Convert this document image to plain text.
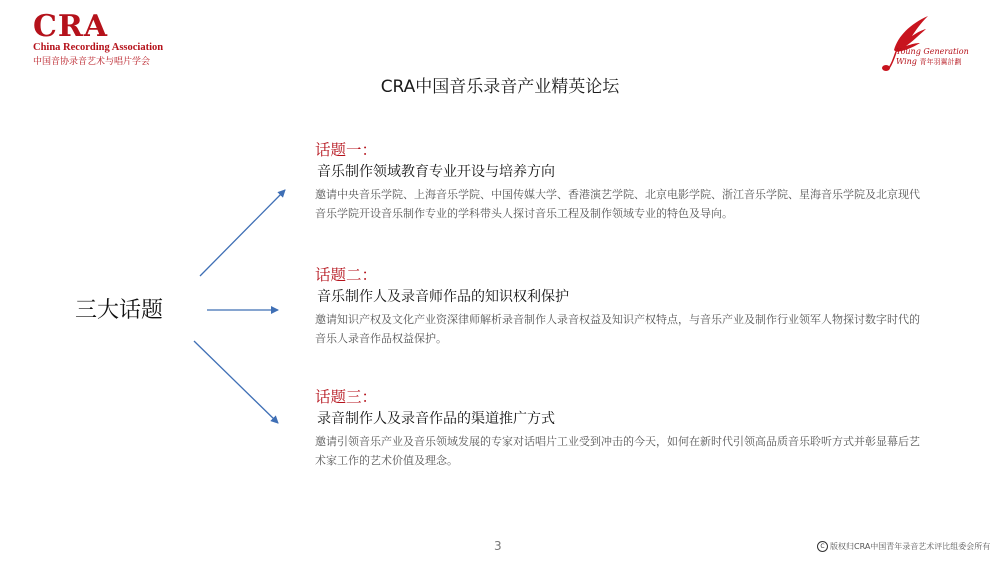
CRA
China Recording Association
中国音协录音艺术与唱片学会
Young Generation
Wing 青年羽翼計劃
CRA中国音乐录音产业精英论坛
三大话题
话题一：
音乐制作领域教育专业开设与培养方向
邀请中央音乐学院、上海音乐学院、中国传媒大学、香港演艺学院、北京电影学院、浙江音乐学院、星海音乐学院及北京现代音乐学院开设音乐制作专业的学科带头人探讨音乐工程及制作领域专业的特色及导向。
话题二：
音乐制作人及录音师作品的知识权利保护
邀请知识产权及文化产业资深律师解析录音制作人录音权益及知识产权特点，与音乐产业及制作行业领军人物探讨数字时代的音乐人录音作品权益保护。
话题三：
录音制作人及录音作品的渠道推广方式
邀请引领音乐产业及音乐领域发展的专家对话唱片工业受到冲击的今天，如何在新时代引领高品质音乐聆听方式并彰显幕后艺术家工作的艺术价值及理念。
3	C 版权归CRA中国青年录音艺术评比组委会所有
